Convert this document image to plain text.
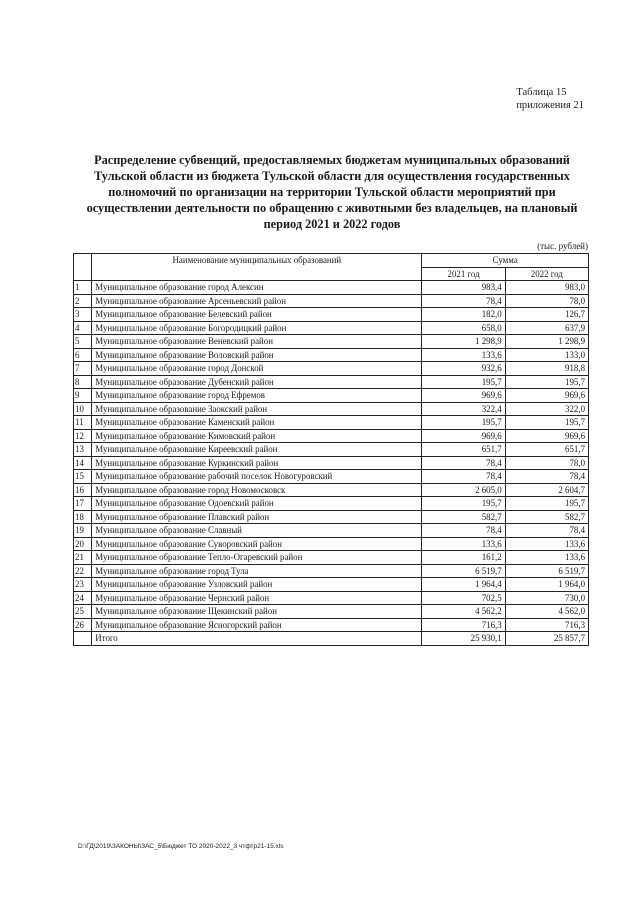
Таблица 15
приложения 21
Распределение субвенций, предоставляемых бюджетам муниципальных образований Тульской области из бюджета Тульской области для осуществления государственных полномочий по организации на территории Тульской области мероприятий при осуществлении деятельности по обращению с животными без владельцев, на плановый период 2021 и 2022 годов
(тыс. рублей)
	Наименование муниципальных образований	Сумма	
		2021 год	2022 год
1	Муниципальное образование город Алексин	983,4	983,0
2	Муниципальное образование Арсеньевский район	78,4	78,0
3	Муниципальное образование Белевский район	182,0	126,7
4	Муниципальное образование Богородицкий район	658,0	637,9
5	Муниципальное образование Веневский район	1 298,9	1 298,9
6	Муниципальное образование Воловский район	133,6	133,0
7	Муниципальное образование город Донской	932,6	918,8
8	Муниципальное образование Дубенский район	195,7	195,7
9	Муниципальное образование город Ефремов	969,6	969,6
10	Муниципальное образование Заокский район	322,4	322,0
11	Муниципальное образование Каменский район	195,7	195,7
12	Муниципальное образование Кимовский район	969,6	969,6
13	Муниципальное образование Киреевский район	651,7	651,7
14	Муниципальное образование Куркинский район	78,4	78,0
15	Муниципальное образование рабочий поселок Новогуровский	78,4	78,4
16	Муниципальное образование город Новомосковск	2 605,0	2 604,7
17	Муниципальное образование Одоевский район	195,7	195,7
18	Муниципальное образование Плавский район	582,7	582,7
19	Муниципальное образование Славный	78,4	78,4
20	Муниципальное образование Суворовский район	133,6	133,6
21	Муниципальное образование Тепло-Огаревский район	161,2	133,6
22	Муниципальное образование город Тула	6 519,7	6 519,7
23	Муниципальное образование Узловский район	1 964,4	1 964,0
24	Муниципальное образование Чернский район	702,5	730,0
25	Муниципальное образование Щекинский район	4 562,2	4 562,0
26	Муниципальное образование Ясногорский район	716,3	716,3
	Итого	25 930,1	25 857,7
D:\ГД\2019\ЗАКОНЫ\ЗАС_5\Бюджет ТО 2020-2022_3 чтфтр21-15.xls
